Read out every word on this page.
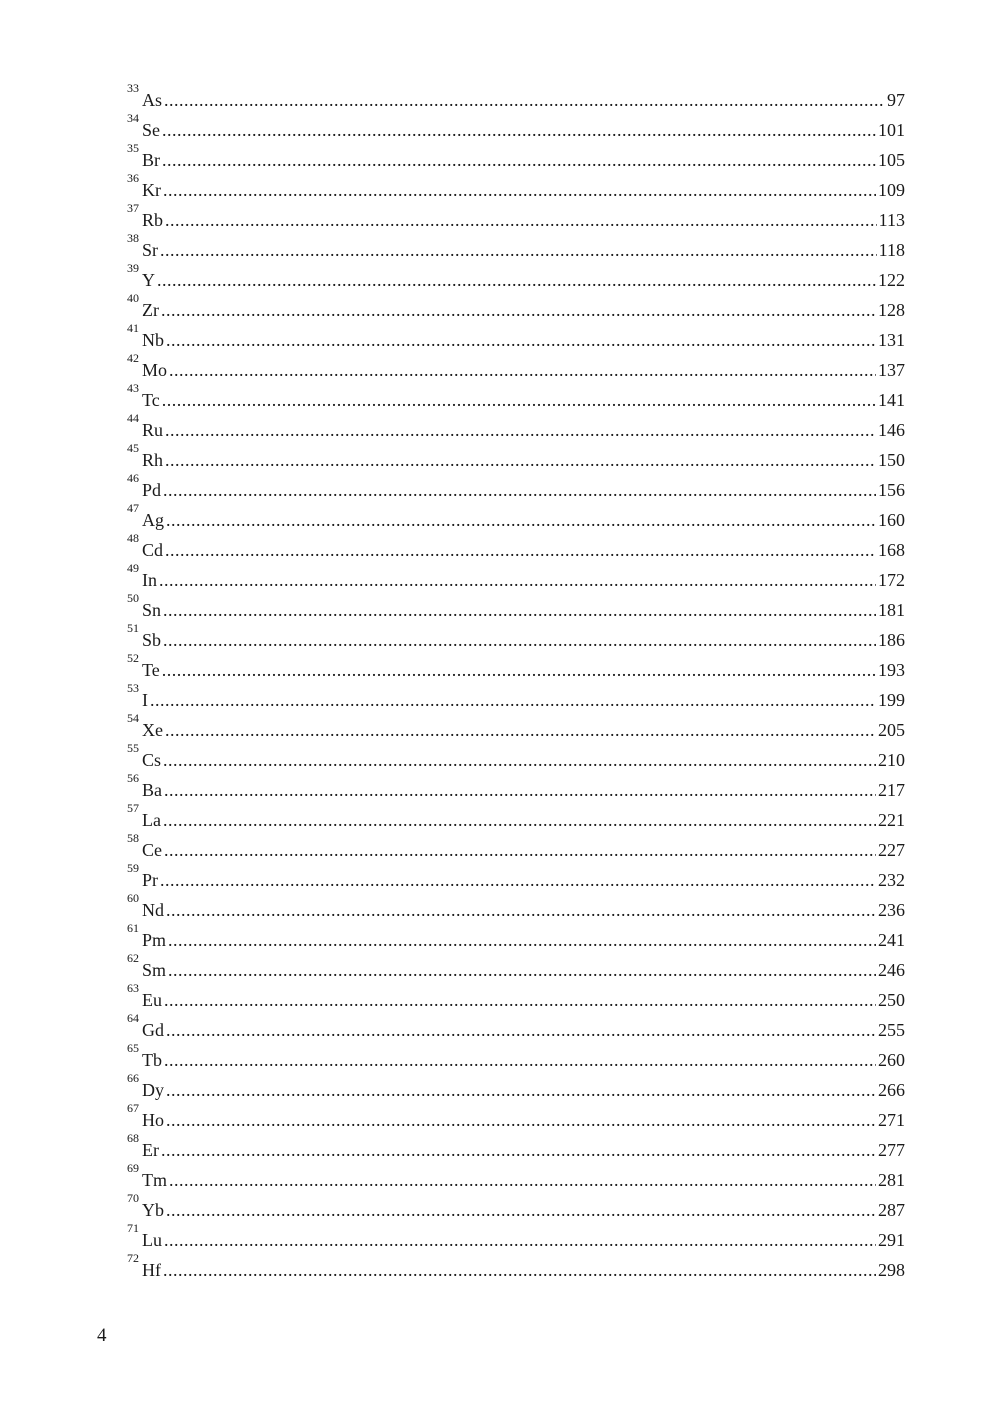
$^{33}$As .....	97
$^{34}$Se .....	101
$^{35}$Br .....	105
$^{36}$Kr .....	109
$^{37}$Rb .....	113
$^{38}$Sr .....	118
$^{39}$Y .....	122
$^{40}$Zr .....	128
$^{41}$Nb .....	131
$^{42}$Mo .....	137
$^{43}$Tc .....	141
$^{44}$Ru .....	146
$^{45}$Rh .....	150
$^{46}$Pd .....	156
$^{47}$Ag .....	160
$^{48}$Cd .....	168
$^{49}$In .....	172
$^{50}$Sn .....	181
$^{51}$Sb .....	186
$^{52}$Te .....	193
$^{53}$I .....	199
$^{54}$Xe .....	205
$^{55}$Cs .....	210
$^{56}$Ba .....	217
$^{57}$La .....	221
$^{58}$Ce .....	227
$^{59}$Pr .....	232
$^{60}$Nd .....	236
$^{61}$Pm .....	241
$^{62}$Sm .....	246
$^{63}$Eu .....	250
$^{64}$Gd .....	255
$^{65}$Tb .....	260
$^{66}$Dy .....	266
$^{67}$Ho .....	271
$^{68}$Er .....	277
$^{69}$Tm .....	281
$^{70}$Yb .....	287
$^{71}$Lu .....	291
$^{72}$Hf .....	298
4
